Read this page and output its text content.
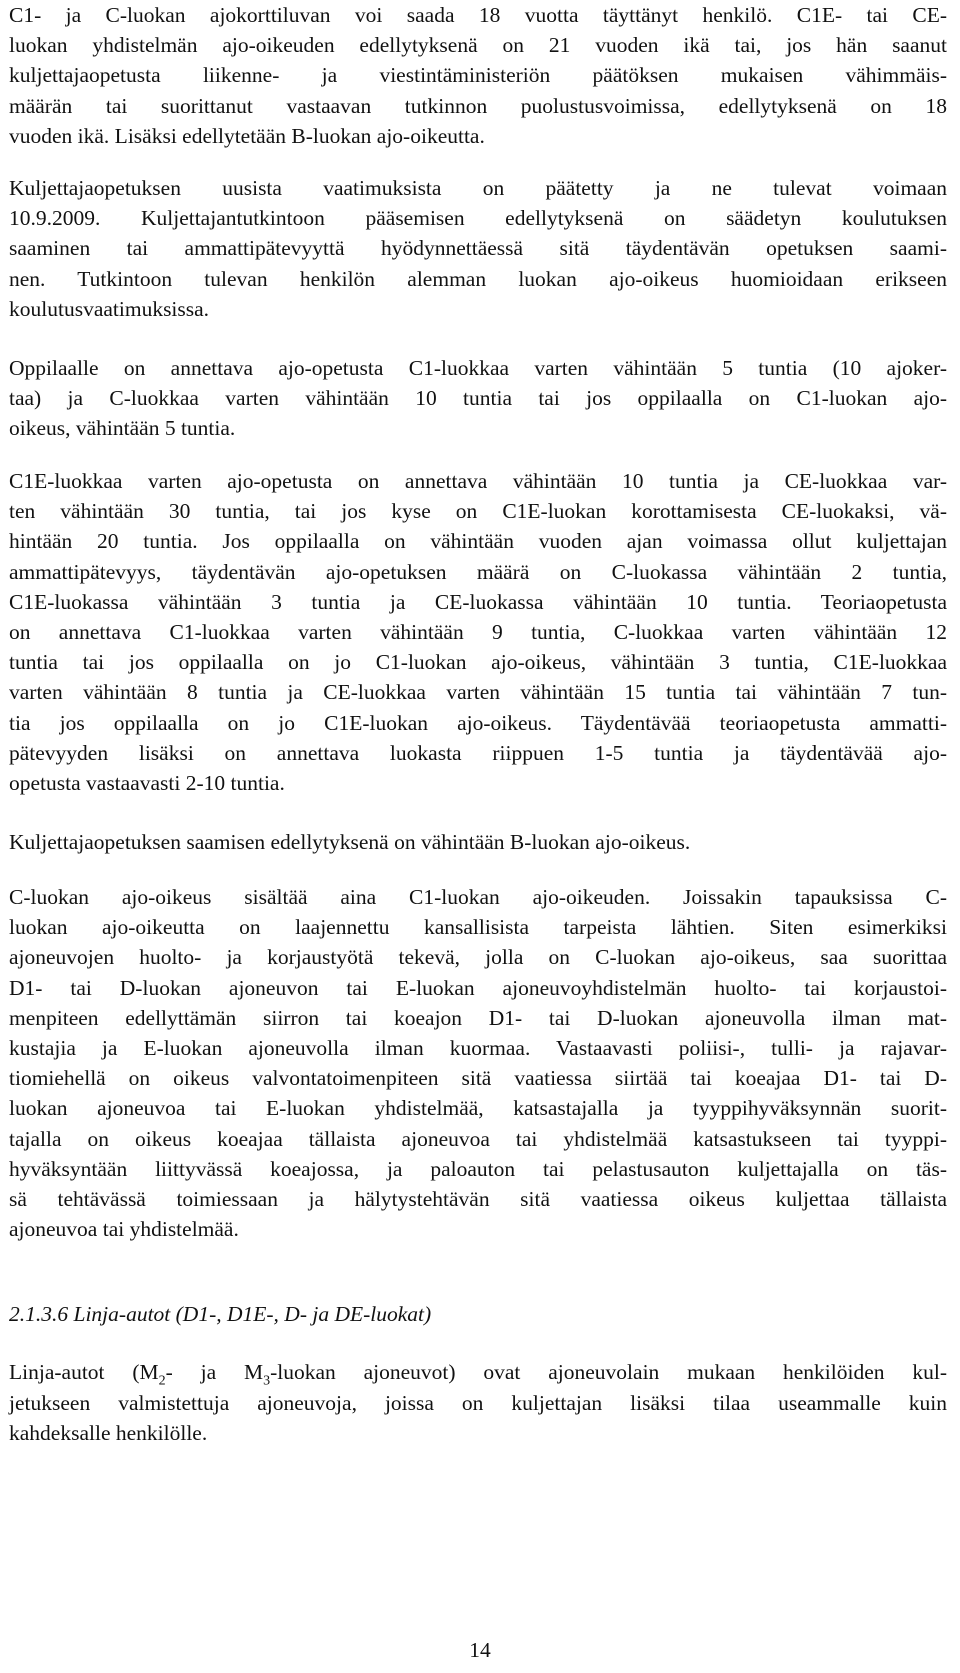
C1- ja C-luokan ajokorttiluvan voi saada 18 vuotta täyttänyt henkilö. C1E- tai CE-
luokan yhdistelmän ajo-oikeuden edellytyksenä on 21 vuoden ikä tai, jos hän saanut
kuljettajaopetusta liikenne- ja viestintäministeriön päätöksen mukaisen vähimmäis-
määrän tai suorittanut vastaavan tutkinnon puolustusvoimissa, edellytyksenä on 18
vuoden ikä. Lisäksi edellytetään B-luokan ajo-oikeutta.
Kuljettajaopetuksen uusista vaatimuksista on päätetty ja ne tulevat voimaan
10.9.2009. Kuljettajantutkintoon pääsemisen edellytyksenä on säädetyn koulutuksen
saaminen tai ammattipätevyyttä hyödynnettäessä sitä täydentävän opetuksen saami-
nen. Tutkintoon tulevan henkilön alemman luokan ajo-oikeus huomioidaan erikseen
koulutusvaatimuksissa.
Oppilaalle on annettava ajo-opetusta C1-luokkaa varten vähintään 5 tuntia (10 ajoker-
taa) ja C-luokkaa varten vähintään 10 tuntia tai jos oppilaalla on C1-luokan ajo-
oikeus, vähintään 5 tuntia.
C1E-luokkaa varten ajo-opetusta on annettava vähintään 10 tuntia ja CE-luokkaa var-
ten vähintään 30 tuntia, tai jos kyse on C1E-luokan korottamisesta CE-luokaksi, vä-
hintään 20 tuntia. Jos oppilaalla on vähintään vuoden ajan voimassa ollut kuljettajan
ammattipätevyys, täydentävän ajo-opetuksen määrä on C-luokassa vähintään 2 tuntia,
C1E-luokassa vähintään 3 tuntia ja CE-luokassa vähintään 10 tuntia. Teoriaopetusta
on annettava C1-luokkaa varten vähintään 9 tuntia, C-luokkaa varten vähintään 12
tuntia tai jos oppilaalla on jo C1-luokan ajo-oikeus, vähintään 3 tuntia, C1E-luokkaa
varten vähintään 8 tuntia ja CE-luokkaa varten vähintään 15 tuntia tai vähintään 7 tun-
tia jos oppilaalla on jo C1E-luokan ajo-oikeus. Täydentävää teoriaopetusta ammatti-
pätevyyden lisäksi on annettava luokasta riippuen 1-5 tuntia ja täydentävää ajo-
opetusta vastaavasti 2-10 tuntia.
Kuljettajaopetuksen saamisen edellytyksenä on vähintään B-luokan ajo-oikeus.
C-luokan ajo-oikeus sisältää aina C1-luokan ajo-oikeuden. Joissakin tapauksissa C-
luokan ajo-oikeutta on laajennettu kansallisista tarpeista lähtien. Siten esimerkiksi
ajoneuvojen huolto- ja korjaustyötä tekevä, jolla on C-luokan ajo-oikeus, saa suorittaa
D1- tai D-luokan ajoneuvon tai E-luokan ajoneuvoyhdistelmän huolto- tai korjaustoi-
menpiteen edellyttämän siirron tai koeajon D1- tai D-luokan ajoneuvolla ilman mat-
kustajia ja E-luokan ajoneuvolla ilman kuormaa. Vastaavasti poliisi-, tulli- ja rajavar-
tiomiehellä on oikeus valvontatoimenpiteen sitä vaatiessa siirtää tai koeajaa D1- tai D-
luokan ajoneuvoa tai E-luokan yhdistelmää, katsastajalla ja tyyppihyväksynnän suorit-
tajalla on oikeus koeajaa tällaista ajoneuvoa tai yhdistelmää katsastukseen tai tyyppi-
hyväksyntään liittyvässä koeajossa, ja paloauton tai pelastusauton kuljettajalla on täs-
sä tehtävässä toimiessaan ja hälytystehtävän sitä vaatiessa oikeus kuljettaa tällaista
ajoneuvoa tai yhdistelmää.
2.1.3.6 Linja-autot (D1-, D1E-, D- ja DE-luokat)
Linja-autot ($M_2-$ ja $M_3$-luokan ajoneuvot) ovat ajoneuvolain mukaan henkilöiden kul-
jetukseen valmistettuja ajoneuvoja, joissa on kuljettajan lisäksi tilaa useammalle kuin
kahdeksalle henkilölle.
14
